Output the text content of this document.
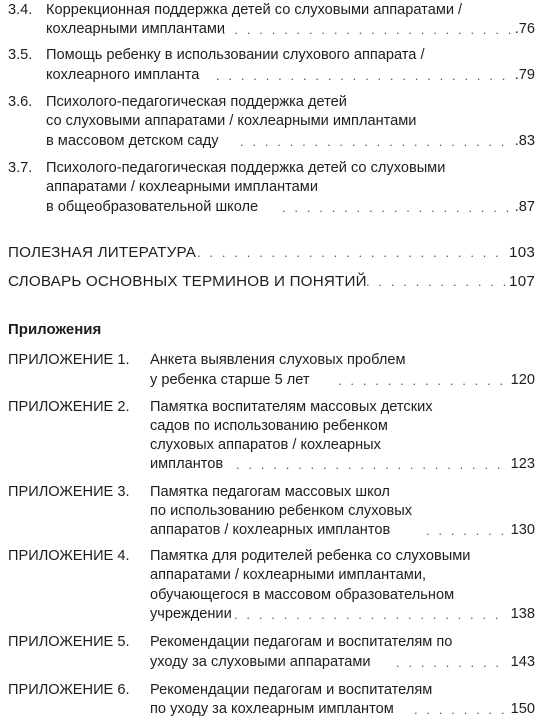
3.4. Коррекционная поддержка детей со слуховыми аппаратами /
кохлеарными имплантами . . .	.76
3.5. Помощь ребенку в использовании слухового аппарата /
кохлеарного импланта . . .	.79
3.6. Психолого-педагогическая поддержка детей
со слуховыми аппаратами / кохлеарными имплантами
в массовом детском саду . . .	.83
3.7. Психолого-педагогическая поддержка детей со слуховыми
аппаратами / кохлеарными имплантами
в общеобразовательной школе . . .	.87
ПОЛЕЗНАЯ ЛИТЕРАТУРА . . .	103
СЛОВАРЬ ОСНОВНЫХ ТЕРМИНОВ И ПОНЯТИЙ . . .	107
Приложения
ПРИЛОЖЕНИЕ 1. Анкета выявления слуховых проблем
у ребенка старше 5 лет . . .	120
ПРИЛОЖЕНИЕ 2. Памятка воспитателям массовых детских
садов по использованию ребенком
слуховых аппаратов / кохлеарных
имплантов . . .	123
ПРИЛОЖЕНИЕ 3. Памятка педагогам массовых школ
по использованию ребенком слуховых
аппаратов / кохлеарных имплантов . . .	130
ПРИЛОЖЕНИЕ 4. Памятка для родителей ребенка со слуховыми
аппаратами / кохлеарными имплантами,
обучающегося в массовом образовательном
учреждении . . .	138
ПРИЛОЖЕНИЕ 5. Рекомендации педагогам и воспитателям по
уходу за слуховыми аппаратами . . .	143
ПРИЛОЖЕНИЕ 6. Рекомендации педагогам и воспитателям
по уходу за кохлеарным имплантом . . .	150
